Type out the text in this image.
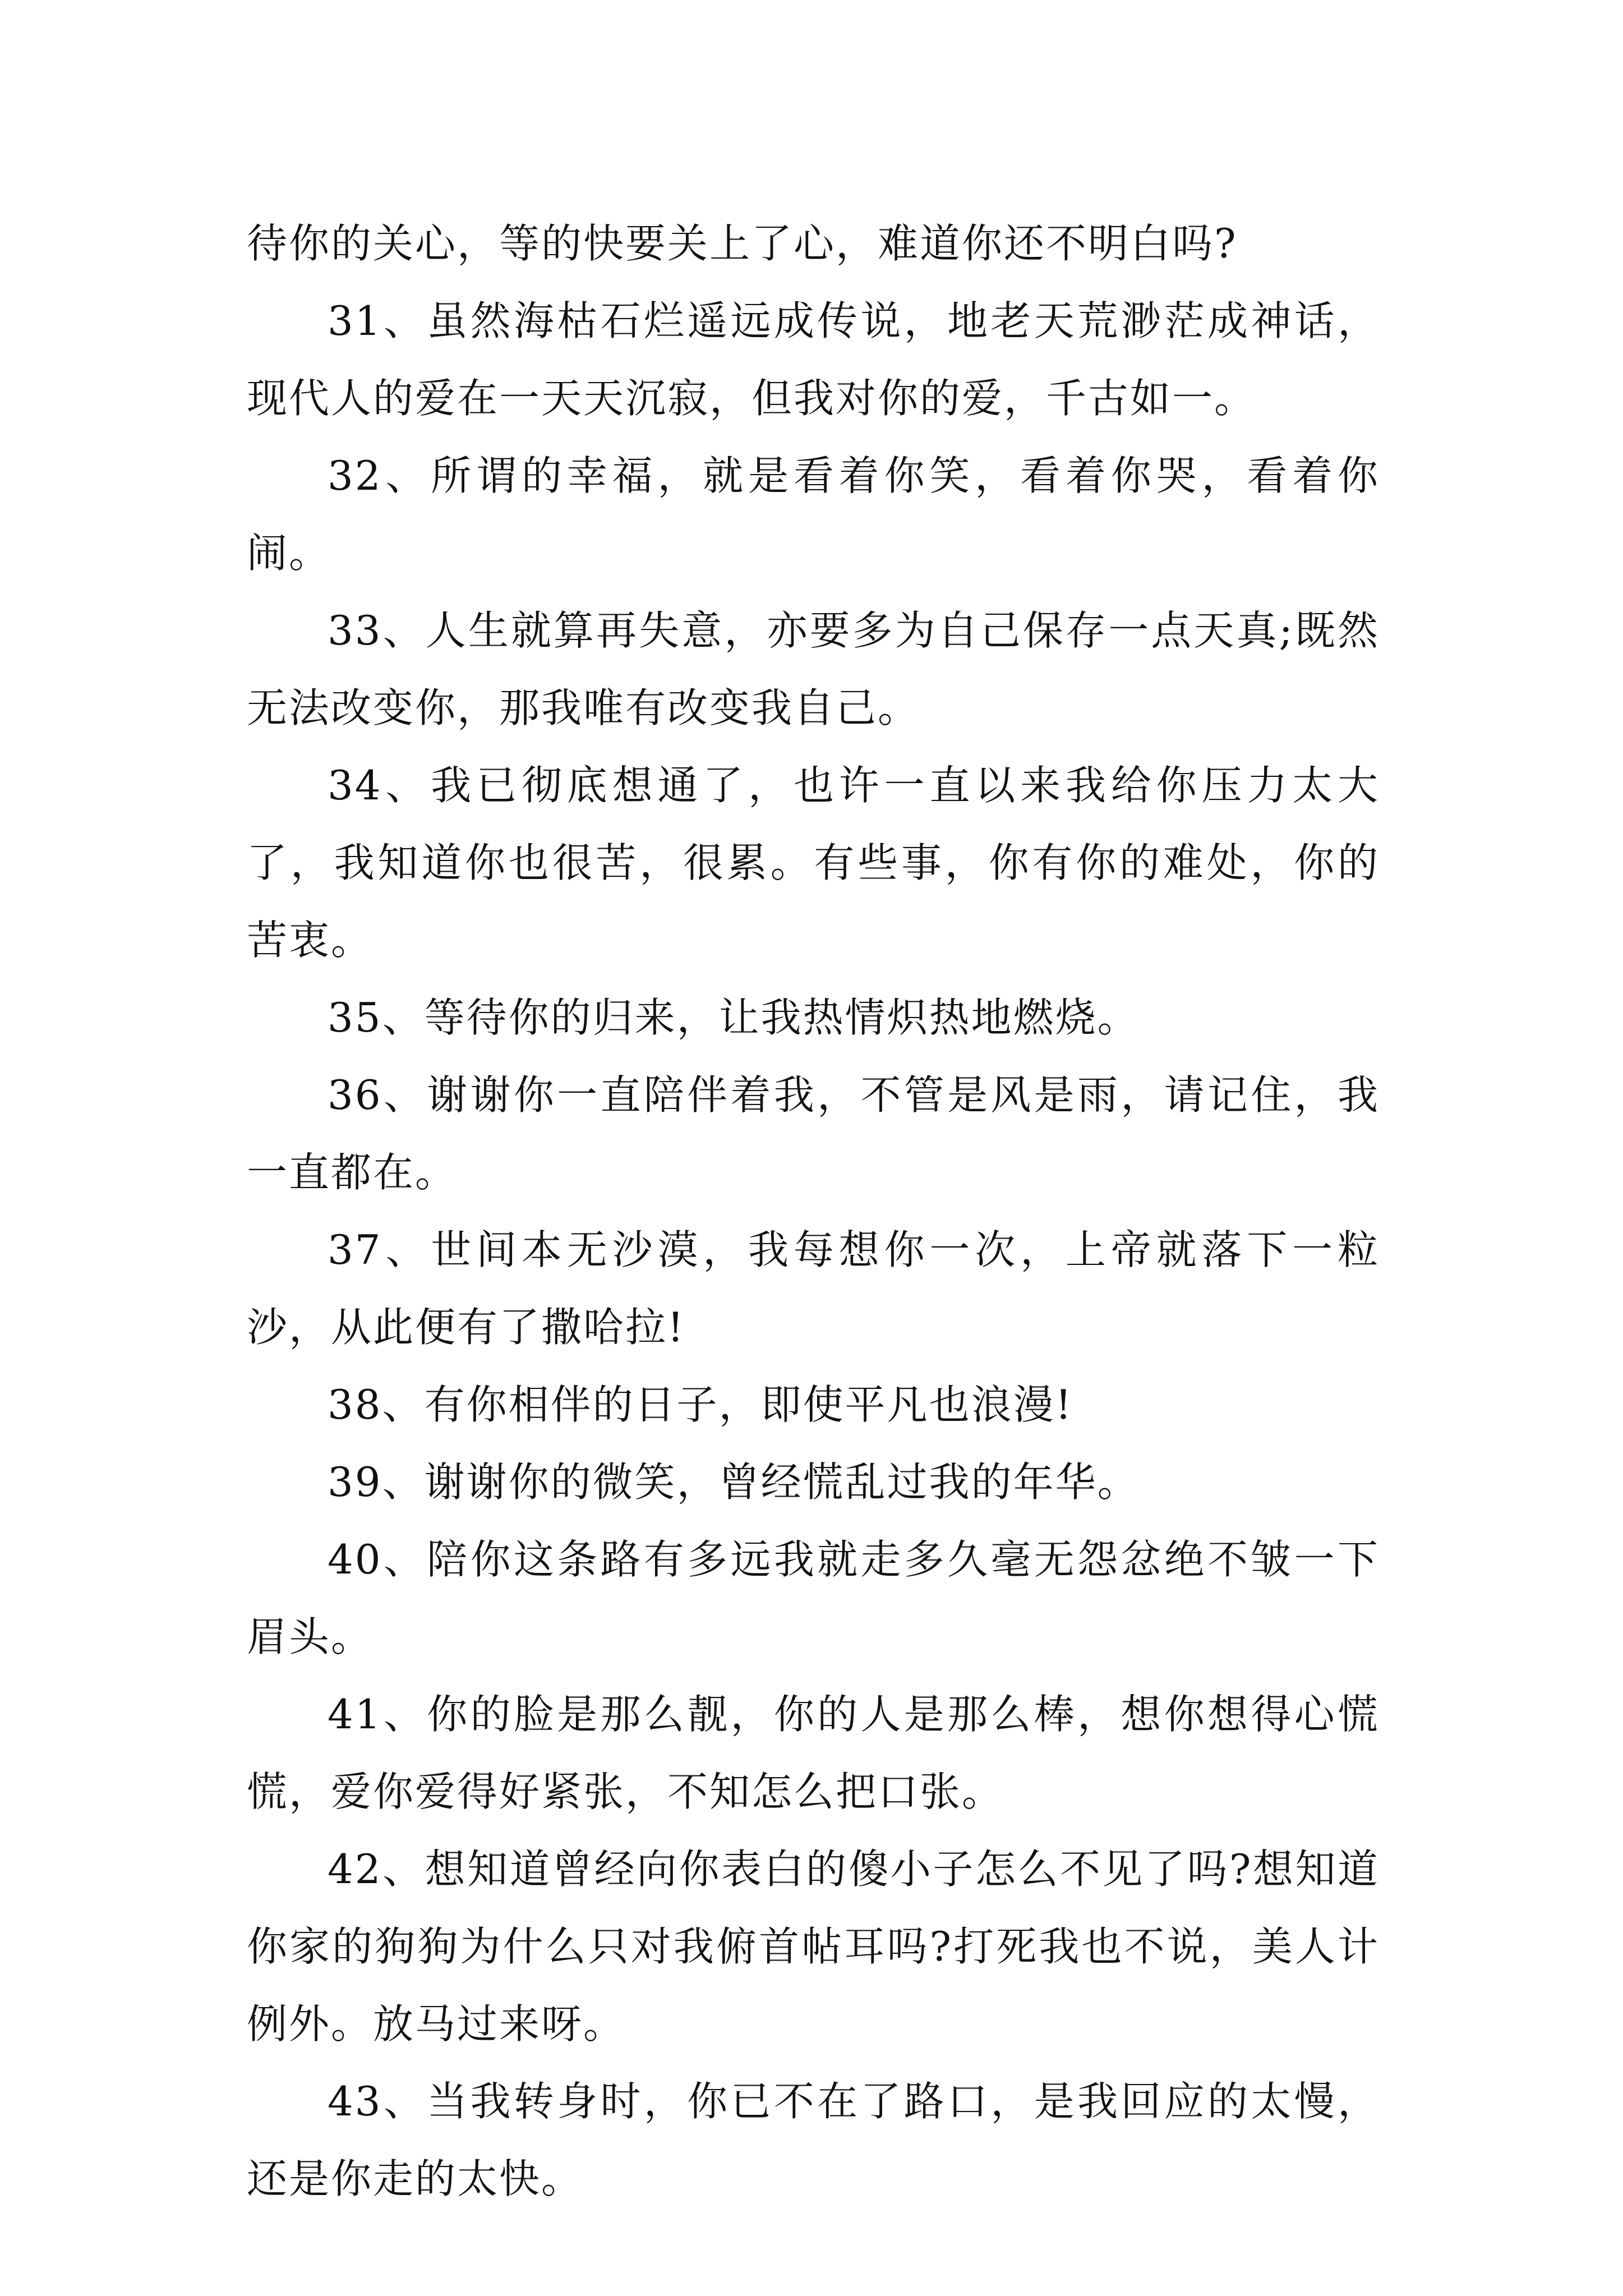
待你的关心，等的快要关上了心，难道你还不明白吗?

31、虽然海枯石烂遥远成传说，地老天荒渺茫成神话，现代人的爱在一天天沉寂，但我对你的爱，千古如一。

32、所谓的幸福，就是看着你笑，看着你哭，看着你闹。

33、人生就算再失意，亦要多为自己保存一点天真;既然无法改变你，那我唯有改变我自己。

34、我已彻底想通了，也许一直以来我给你压力太大了，我知道你也很苦，很累。有些事，你有你的难处，你的苦衷。

35、等待你的归来，让我热情炽热地燃烧。

36、谢谢你一直陪伴着我，不管是风是雨，请记住，我一直都在。

37、世间本无沙漠，我每想你一次，上帝就落下一粒沙，从此便有了撒哈拉!

38、有你相伴的日子，即使平凡也浪漫!

39、谢谢你的微笑，曾经慌乱过我的年华。

40、陪你这条路有多远我就走多久毫无怨忿绝不皱一下眉头。

41、你的脸是那么靓，你的人是那么棒，想你想得心慌慌，爱你爱得好紧张，不知怎么把口张。

42、想知道曾经向你表白的傻小子怎么不见了吗?想知道你家的狗狗为什么只对我俯首帖耳吗?打死我也不说，美人计例外。放马过来呀。

43、当我转身时，你已不在了路口，是我回应的太慢，还是你走的太快。
